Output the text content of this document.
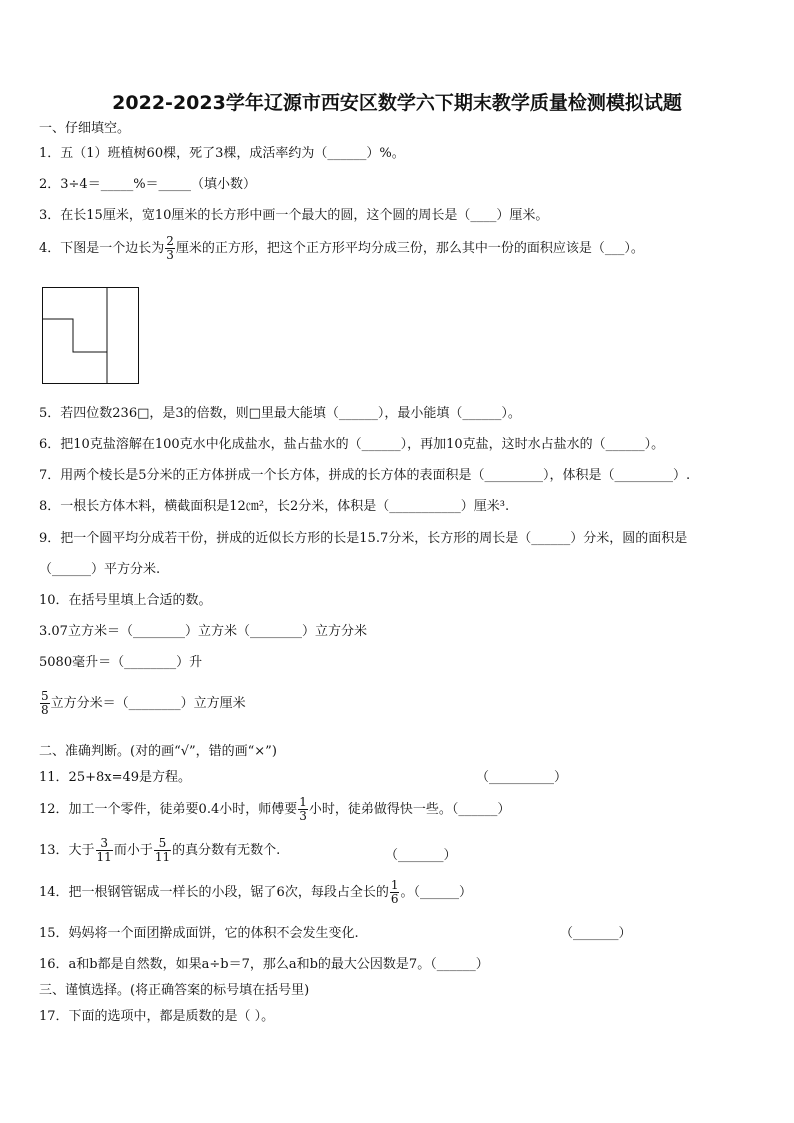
2022-2023学年辽源市西安区数学六下期末教学质量检测模拟试题
一、仔细填空。
1．五（1）班植树60棵，死了3棵，成活率约为（______）%。
2．3÷4＝_____%＝_____（填小数）
3．在长15厘米，宽10厘米的长方形中画一个最大的圆，这个圆的周长是（____）厘米。
4．下图是一个边长为 $\frac{2}{3}$ 厘米的正方形，把这个正方形平均分成三份，那么其中一份的面积应该是（___）。
5．若四位数236□，是3的倍数，则□里最大能填（______），最小能填（______）。
6．把10克盐溶解在100克水中化成盐水，盐占盐水的（______），再加10克盐，这时水占盐水的（______）。
7．用两个棱长是5分米的正方体拼成一个长方体，拼成的长方体的表面积是（_________），体积是（_________）.
8．一根长方体木料，横截面积是12㎝²，长2分米，体积是（___________）厘米³.
9．把一个圆平均分成若干份，拼成的近似长方形的长是15.7分米，长方形的周长是（______）分米，圆的面积是
（______）平方分米.
10．在括号里填上合适的数。
3.07立方米＝（________）立方米（________）立方分米
5080毫升＝（________）升
$\frac{5}{8}$ 立方分米＝（________）立方厘米
二、准确判断。(对的画“√”，错的画“×”)
11．25+8x=49是方程。	（__________）
12．加工一个零件，徒弟要0.4小时，师傅要 $\frac{1}{3}$ 小时，徒弟做得快一些。（______）
13．大于 $\frac{3}{11}$ 而小于 $\frac{5}{11}$ 的真分数有无数个.	（_______）
14．把一根钢管锯成一样长的小段，锯了6次，每段占全长的 $\frac{1}{6}$ 。（______）
15．妈妈将一个面团擀成面饼，它的体积不会发生变化.	（_______）
16．a和b都是自然数，如果a÷b＝7，那么a和b的最大公因数是7。（______）
三、谨慎选择。(将正确答案的标号填在括号里)
17．下面的选项中，都是质数的是（ ）。
